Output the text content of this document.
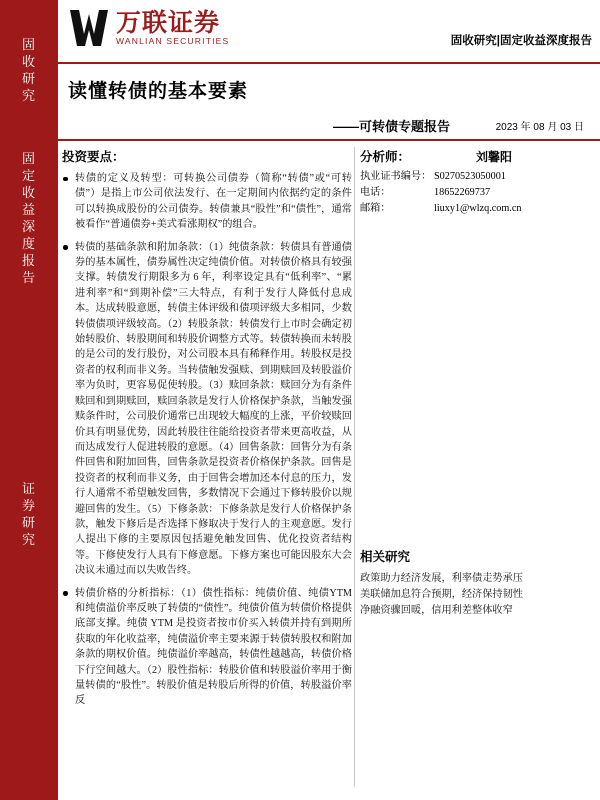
固
收
研
究
固
定
收
益
深
度
报
告
证
券
研
究
万联证券
WANLIAN SECURITIES	固收研究|固定收益深度报告
读懂转债的基本要素
——可转债专题报告	2023 年 08 月 03 日
投资要点：
转债的定义及转型：可转换公司债券（简称“转债”或“可转债”）是指上市公司依法发行、在一定期间内依据约定的条件可以转换成股份的公司债券。转债兼具“股性”和“债性”，通常被看作“普通债券+美式看涨期权”的组合。
转债的基础条款和附加条款：（1）纯债条款：转债具有普通债券的基本属性，债券属性决定纯债价值。对转债价格具有较强支撑。转债发行期限多为 6 年，利率设定具有“低利率”、“累进利率”和“到期补偿”三大特点，有利于发行人降低付息成本。达成转股意愿，转债主体评级和债项评级大多相同，少数转债债项评级较高。（2）转股条款：转债发行上市时会确定初始转股价、转股期间和转股价调整方式等。转债转换而未转股的是公司的发行股份，对公司股本具有稀释作用。转股权是投资者的权利而非义务。当转债触发强赎、到期赎回及转股溢价率为负时，更容易促使转股。（3）赎回条款：赎回分为有条件赎回和到期赎回，赎回条款是发行人价格保护条款，当触发强赎条件时，公司股价通常已出现较大幅度的上涨，平价较赎回价具有明显优势，因此转股往往能给投资者带来更高收益，从而达成发行人促进转股的意愿。（4）回售条款：回售分为有条件回售和附加回售，回售条款是投资者价格保护条款。回售是投资者的权利而非义务，由于回售会增加还本付息的压力，发行人通常不希望触发回售，多数情况下会通过下修转股价以规避回售的发生。（5）下修条款：下修条款是发行人价格保护条款，触发下修后是否选择下修取决于发行人的主观意愿。发行人提出下修的主要原因包括避免触发回售、优化投资者结构等。下修使发行人具有下修意愿。下修方案也可能因股东大会决议未通过而以失败告终。
转债价格的分析指标：（1）债性指标：纯债价值、纯债YTM 和纯债溢价率反映了转债的“债性”。纯债价值为转债价格提供底部支撑。纯债 YTM 是投资者按市价买入转债并持有到期所获取的年化收益率，纯债溢价率主要来源于转债转股权和附加条款的期权价值。纯债溢价率越高，转债性越越高，转债价格下行空间越大。（2）股性指标：转股价值和转股溢价率用于衡量转债的“股性”。转股价值是转股后所得的价值，转股溢价率反
分析师：	刘馨阳
执业证书编号： S0270523050001
电话：	18652269737
邮箱：	liuxy1@wlzq.com.cn
相关研究
政策助力经济发展，利率债走势承压
美联储加息符合预期，经济保持韧性
净融资骤回暖，信用利差整体收窄
